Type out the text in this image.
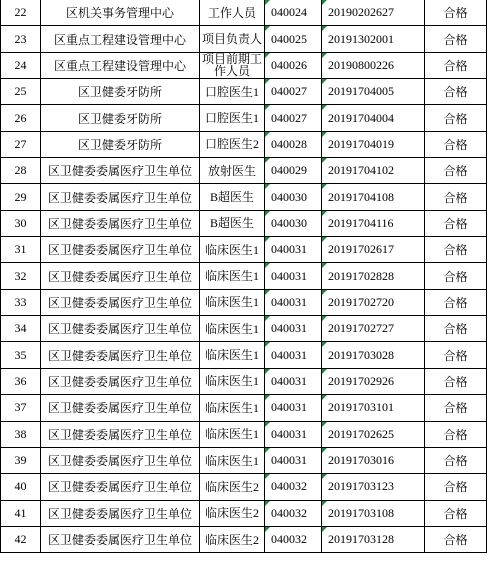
22	区机关事务管理中心	工作人员	040024	20190202627	合格
23	区重点工程建设管理中心	项目负责人	040025	20191302001	合格
24	区重点工程建设管理中心	项目前期工作人员	040026	20190800226	合格
25	区卫健委牙防所	口腔医生1	040027	20191704005	合格
26	区卫健委牙防所	口腔医生1	040027	20191704004	合格
27	区卫健委牙防所	口腔医生2	040028	20191704019	合格
28	区卫健委委属医疗卫生单位	放射医生	040029	20191704102	合格
29	区卫健委委属医疗卫生单位	B超医生	040030	20191704108	合格
30	区卫健委委属医疗卫生单位	B超医生	040030	20191704116	合格
31	区卫健委委属医疗卫生单位	临床医生1	040031	20191702617	合格
32	区卫健委委属医疗卫生单位	临床医生1	040031	20191702828	合格
33	区卫健委委属医疗卫生单位	临床医生1	040031	20191702720	合格
34	区卫健委委属医疗卫生单位	临床医生1	040031	20191702727	合格
35	区卫健委委属医疗卫生单位	临床医生1	040031	20191703028	合格
36	区卫健委委属医疗卫生单位	临床医生1	040031	20191702926	合格
37	区卫健委委属医疗卫生单位	临床医生1	040031	20191703101	合格
38	区卫健委委属医疗卫生单位	临床医生1	040031	20191702625	合格
39	区卫健委委属医疗卫生单位	临床医生1	040031	20191703016	合格
40	区卫健委委属医疗卫生单位	临床医生2	040032	20191703123	合格
41	区卫健委委属医疗卫生单位	临床医生2	040032	20191703108	合格
42	区卫健委委属医疗卫生单位	临床医生2	040032	20191703128	合格
